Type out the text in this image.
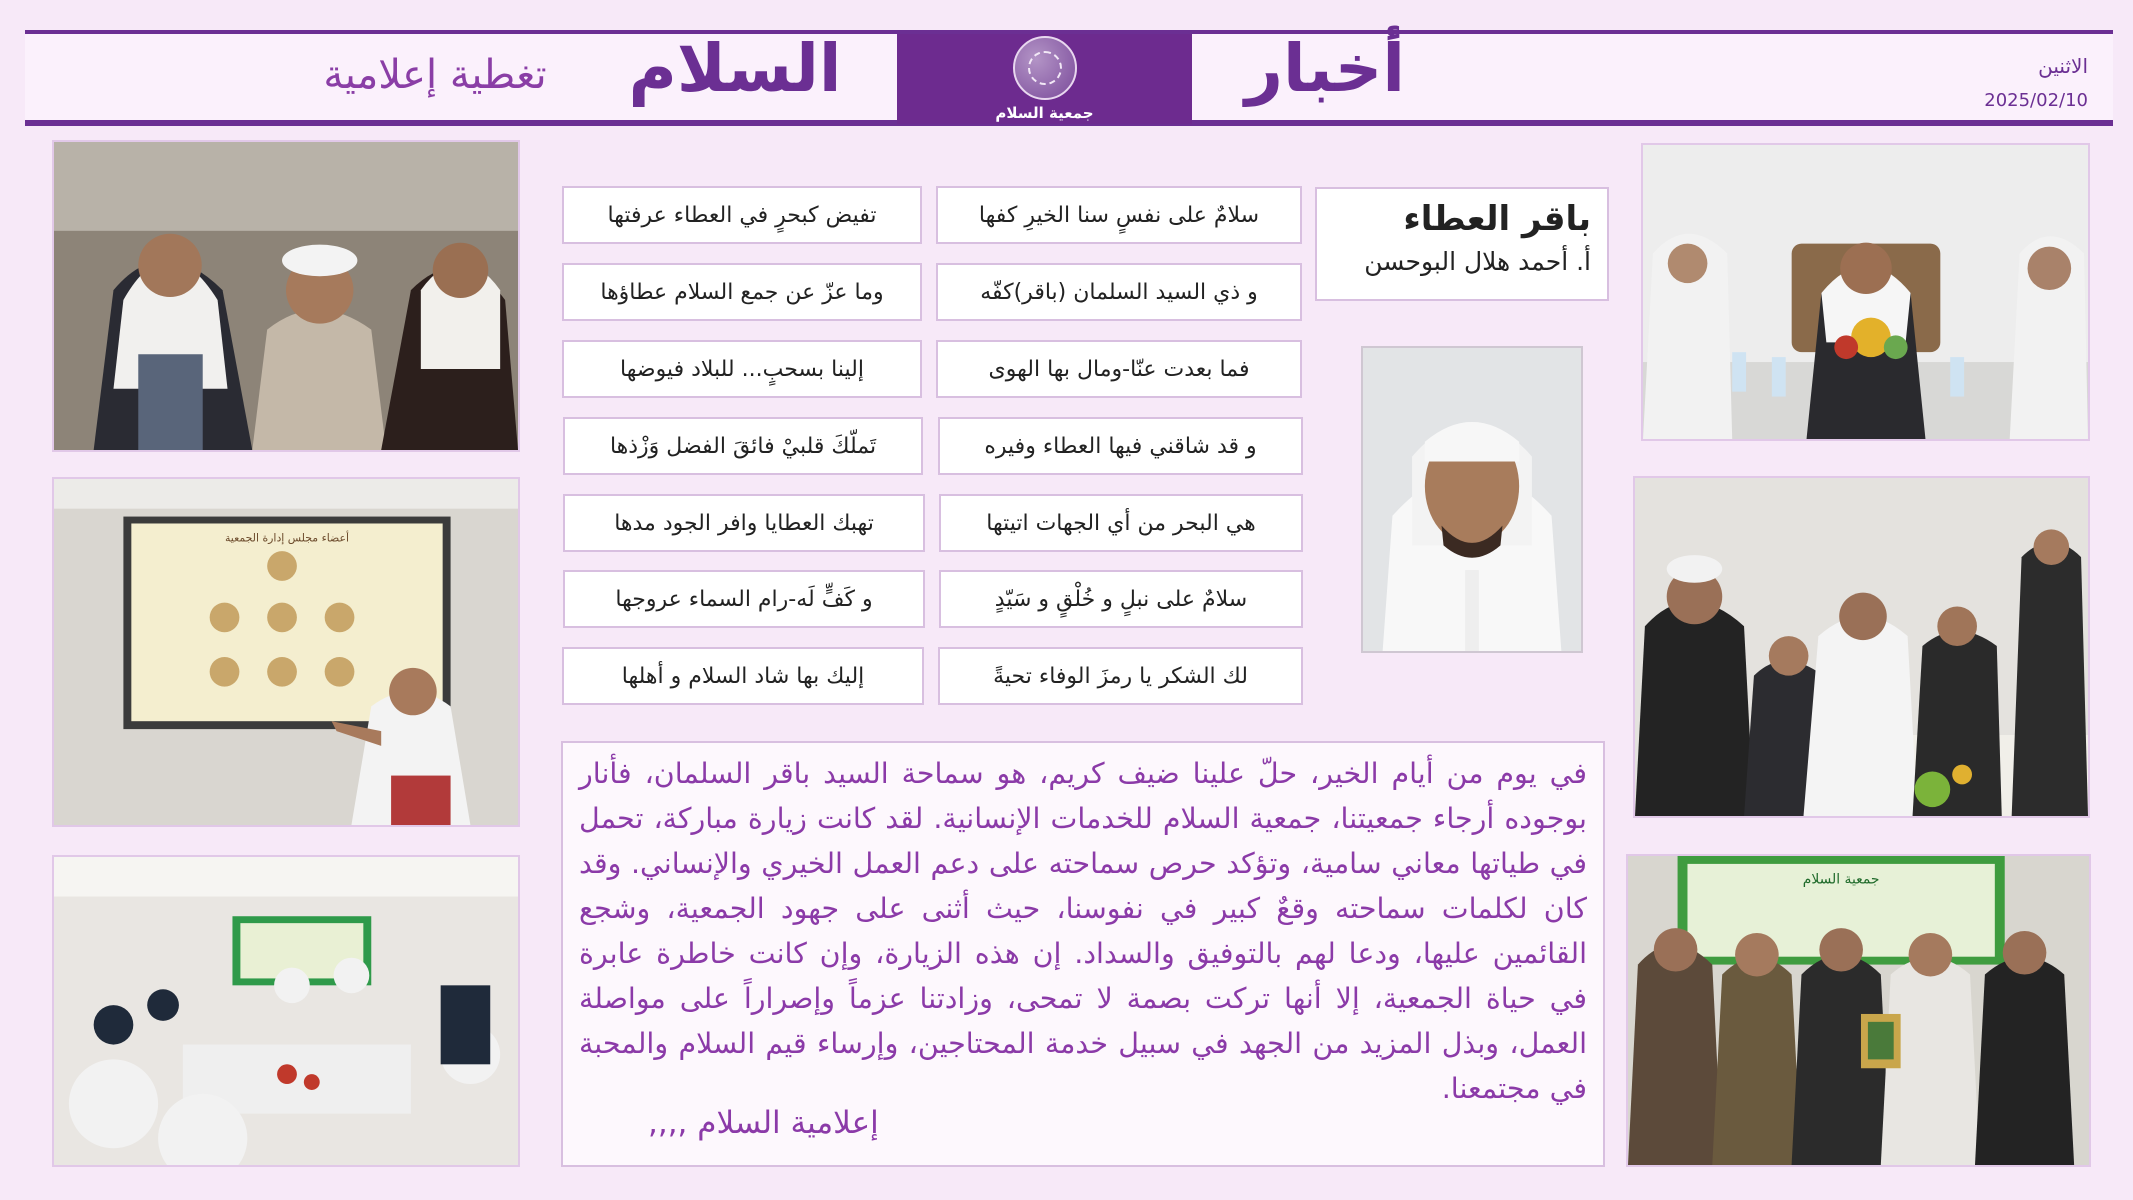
الاثنين
2025/02/10
أخبار
جمعية السلام
السلام
تغطية إعلامية
أعضاء مجلس إدارة الجمعية
جمعية السلام
باقر العطاء
أ. أحمد هلال البوحسن
سلامٌ على نفسٍ سنا الخيرِ كفها
تفيض كبحرٍ في العطاء عرفتها
و ذي السيد السلمان (باقر)كفّه
وما عزّ عن جمع السلام عطاؤها
فما بعدت عنّا-ومال بها الهوى
إلينا بسحبٍ... للبلاد فيوضها
و قد شاقني فيها العطاء وفيره
تَملّكَ قلبيْ فائقَ الفضل وَزْذها
هي البحر من أي الجهات اتيتها
تهبك العطايا وافر الجود مدها
سلامٌ على نبلٍ و خُلْقٍ و سَيّدٍ
و كَفٍّ لَه-رام السماء عروجها
لك الشكر يا رمزَ الوفاء تحيةً
إليك بها شاد السلام و أهلها

في يوم من أيام الخير، حلّ علينا ضيف كريم، هو سماحة السيد باقر السلمان، فأنار بوجوده أرجاء جمعيتنا، جمعية السلام للخدمات الإنسانية. لقد كانت زيارة مباركة، تحمل في طياتها معاني سامية، وتؤكد حرص سماحته على دعم العمل الخيري والإنساني. وقد كان لكلمات سماحته وقعٌ كبير في نفوسنا، حيث أثنى على جهود الجمعية، وشجع القائمين عليها، ودعا لهم بالتوفيق والسداد. إن هذه الزيارة، وإن كانت خاطرة عابرة في حياة الجمعية، إلا أنها تركت بصمة لا تمحى، وزادتنا عزماً وإصراراً على مواصلة العمل، وبذل المزيد من الجهد في سبيل خدمة المحتاجين، وإرساء قيم السلام والمحبة في مجتمعنا.

إعلامية السلام ,,,,
